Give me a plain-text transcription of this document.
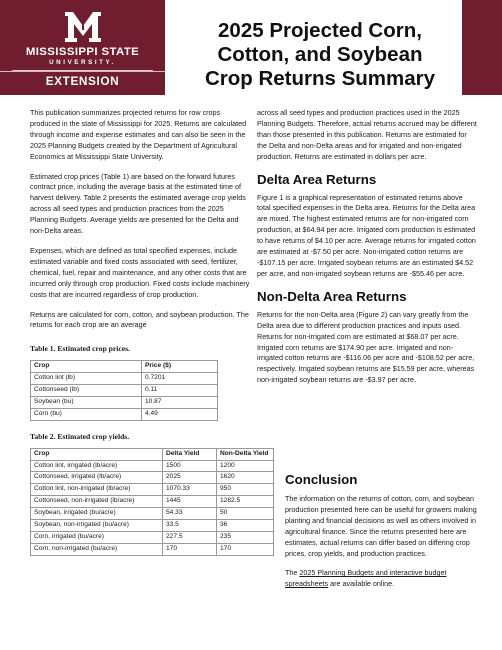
MISSISSIPPI STATE
UNIVERSITY.
EXTENSION
2025 Projected Corn,
Cotton, and Soybean
Crop Returns Summary

This publication summarizes projected returns for row crops produced in the state of Mississippi for 2025. Returns are calculated through income and expense estimates and can also be seen in the 2025 Planning Budgets created by the Department of Agricultural Economics at Mississippi State University.

Estimated crop prices (Table 1) are based on the forward futures contract price, including the average basis at the estimated time of harvest delivery. Table 2 presents the estimated average crop yields across all seed types and production practices from the 2025 Planning Budgets. Average yields are presented for the Delta and non-Delta areas.

Expenses, which are defined as total specified expenses, include estimated variable and fixed costs associated with seed, fertilizer, chemical, fuel, repair and maintenance, and any other costs that are incurred only through crop production. Fixed costs include machinery costs that are incurred regardless of crop production.

Returns are calculated for corn, cotton, and soybean production. The returns for each crop are an average

Table 1. Estimated crop prices.
Crop	Price ($)
Cotton lint (lb)	0.7201
Cottonseed (lb)	0.11
Soybean (bu)	10.87
Corn (bu)	4.49
Table 2. Estimated crop yields.
Crop	Delta Yield	Non-Delta Yield
Cotton lint, irrigated (lb/acre)	1500	1200
Cottonseed, irrigated (lb/acre)	2025	1620
Cotton lint, non-irrigated (lb/acre)	1070.33	950
Cottonseed, non-irrigated (lb/acre)	1445	1282.5
Soybean, irrigated (bu/acre)	54.33	50
Soybean, non-irrigated (bu/acre)	33.5	36
Corn, irrigated (bu/acre)	227.5	235
Corn, non-irrigated (bu/acre)	170	170

across all seed types and production practices used in the 2025 Planning Budgets. Therefore, actual returns accrued may be different than those presented in this publication. Returns are estimated for the Delta and non-Delta areas and for irrigated and non-irrigated production. Returns are estimated in dollars per acre.

Delta Area Returns

Figure 1 is a graphical representation of estimated returns above total specified expenses in the Delta area. Returns for the Delta area are mixed. The highest estimated returns are for non-irrigated corn production, at $64.94 per acre. Irrigated corn production is estimated to have returns of $4.10 per acre. Average returns for irrigated cotton are estimated at -$7.50 per acre. Non-irrigated cotton returns are -$107.15 per acre. Irrigated soybean returns are an estimated $4.52 per acre, and non-irrigated soybean returns are -$55.46 per acre.

Non-Delta Area Returns

Returns for the non-Delta area (Figure 2) can vary greatly from the Delta area due to different production practices and inputs used. Returns for non-irrigated corn are estimated at $68.07 per acre. Irrigated corn returns are $174.90 per acre. Irrigated and non-irrigated cotton returns are -$116.06 per acre and -$108.52 per acre, respectively. Irrigated soybean returns are $15.59 per acre, whereas non-irrigated soybean returns are -$3.97 per acre.

Conclusion

The information on the returns of cotton, corn, and soybean production presented here can be useful for growers making planting and financial decisions as well as others involved in agricultural finance. Since the returns presented here are estimates, actual returns can differ based on differing crop prices, crop yields, and production practices.

The 2025 Planning Budgets and interactive budget spreadsheets are available online.
